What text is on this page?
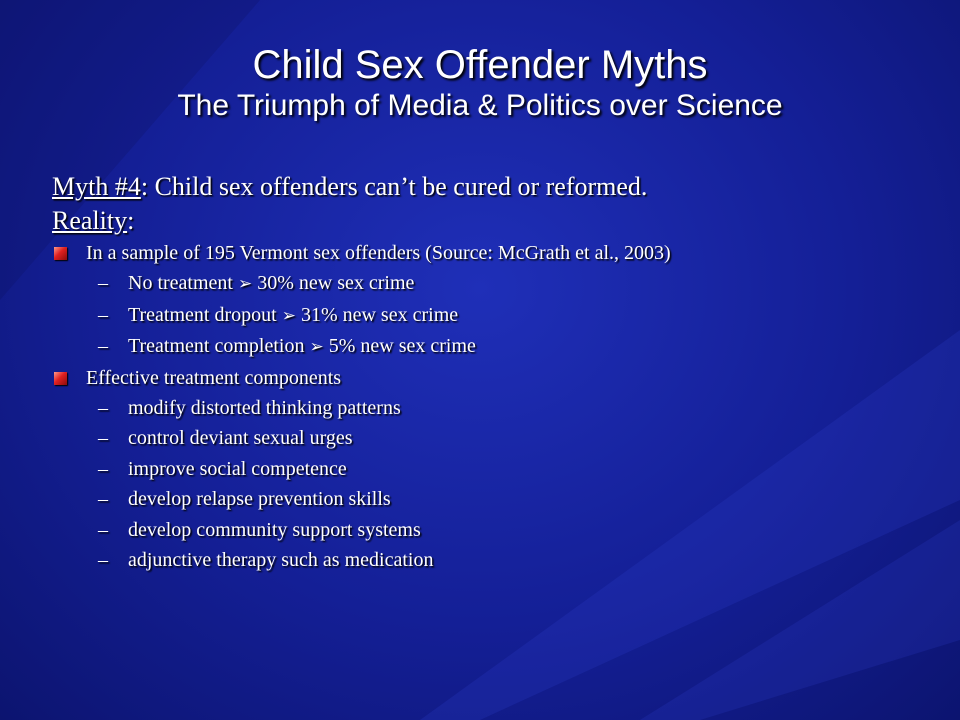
Child Sex Offender Myths
The Triumph of Media & Politics over Science

Myth #4: Child sex offenders can’t be cured or reformed.

Reality:

In a sample of 195 Vermont sex offenders (Source: McGrath et al., 2003)
– No treatment ➢ 30% new sex crime
– Treatment dropout ➢ 31% new sex crime
– Treatment completion ➢ 5% new sex crime
Effective treatment components
– modify distorted thinking patterns
– control deviant sexual urges
– improve social competence
– develop relapse prevention skills
– develop community support systems
– adjunctive therapy such as medication
